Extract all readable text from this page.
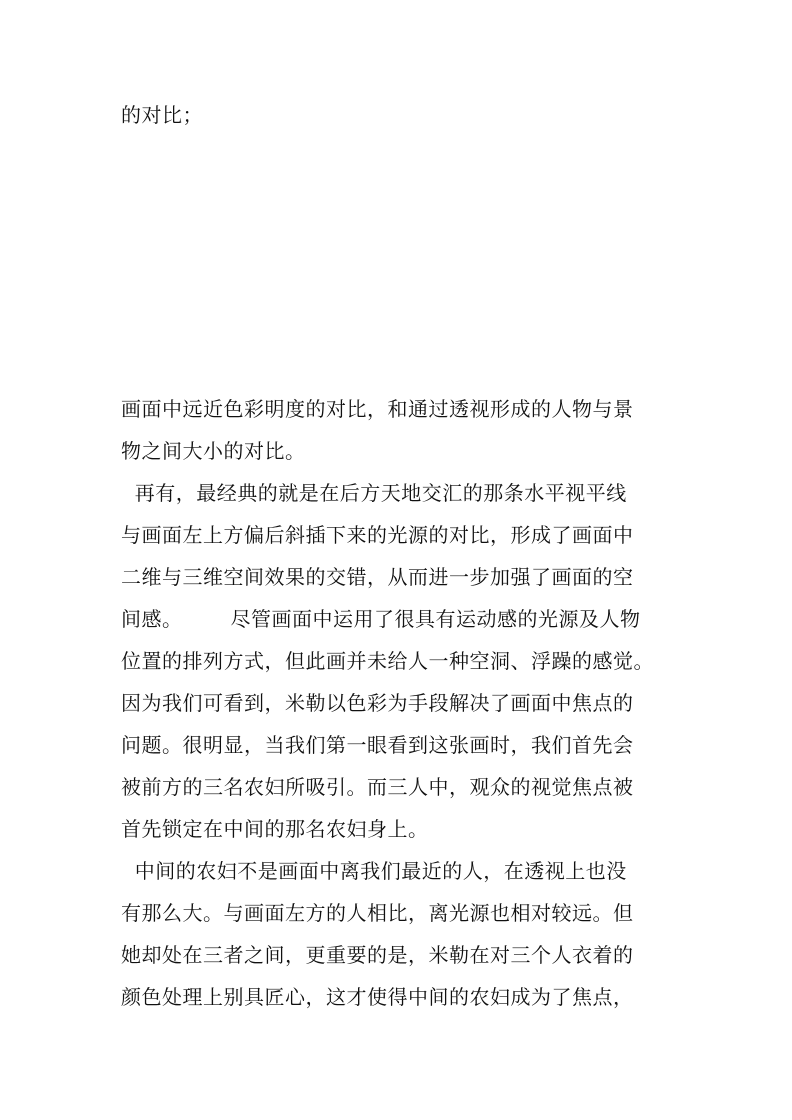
的对比；
画面中远近色彩明度的对比，和通过透视形成的人物与景
物之间大小的对比。
再有，最经典的就是在后方天地交汇的那条水平视平线
与画面左上方偏后斜插下来的光源的对比，形成了画面中
二维与三维空间效果的交错，从而进一步加强了画面的空
间感。       尽管画面中运用了很具有运动感的光源及人物
位置的排列方式，但此画并未给人一种空洞、浮躁的感觉。
因为我们可看到，米勒以色彩为手段解决了画面中焦点的
问题。很明显，当我们第一眼看到这张画时，我们首先会
被前方的三名农妇所吸引。而三人中，观众的视觉焦点被
首先锁定在中间的那名农妇身上。
中间的农妇不是画面中离我们最近的人，在透视上也没
有那么大。与画面左方的人相比，离光源也相对较远。但
她却处在三者之间，更重要的是，米勒在对三个人衣着的
颜色处理上别具匠心，这才使得中间的农妇成为了焦点，
